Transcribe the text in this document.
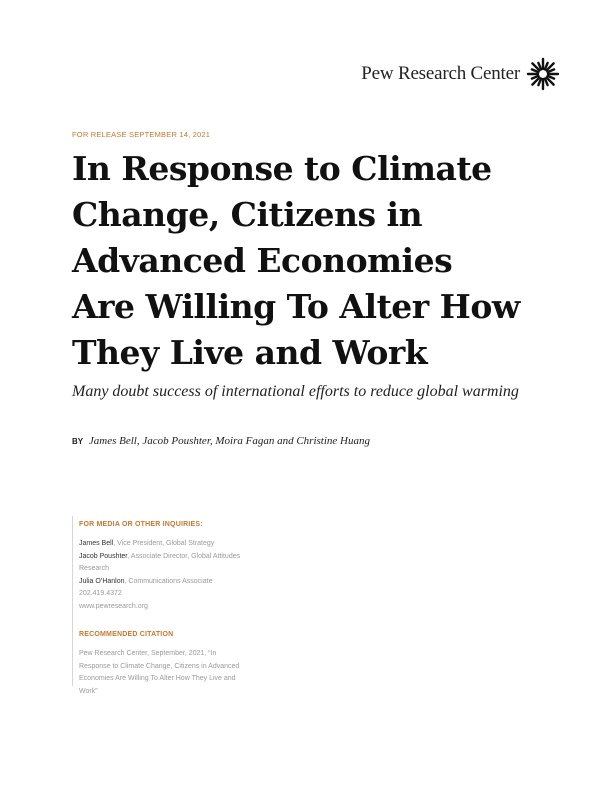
Pew Research Center
FOR RELEASE SEPTEMBER 14, 2021
In Response to Climate
Change, Citizens in
Advanced Economies
Are Willing To Alter How
They Live and Work

Many doubt success of international efforts to reduce global warming

BY James Bell, Jacob Poushter, Moira Fagan and Christine Huang
FOR MEDIA OR OTHER INQUIRIES:
James Bell, Vice President, Global Strategy
Jacob Poushter, Associate Director, Global Attitudes
Research
Julia O’Hanlon, Communications Associate
202.419.4372
www.pewresearch.org
RECOMMENDED CITATION
Pew Research Center, September, 2021, “In
Response to Climate Change, Citizens in Advanced
Economies Are Willing To Alter How They Live and
Work”
